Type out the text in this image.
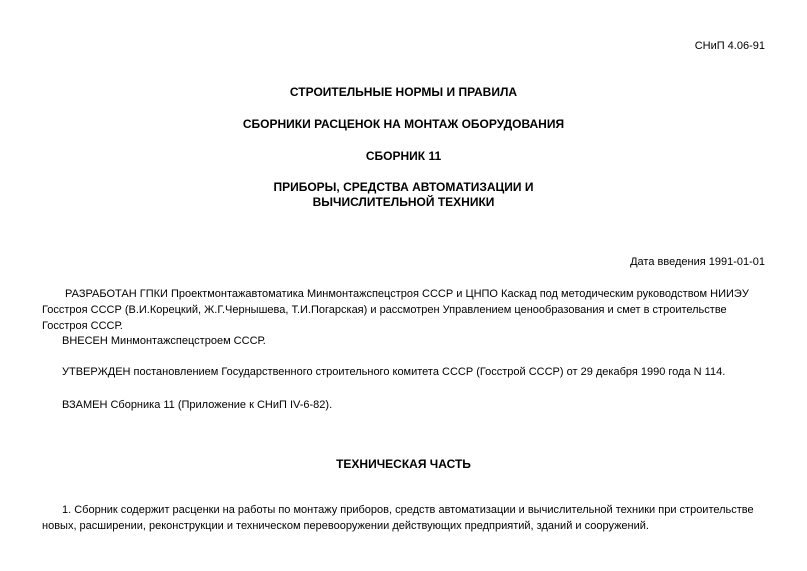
СНиП 4.06-91
СТРОИТЕЛЬНЫЕ НОРМЫ И ПРАВИЛА
СБОРНИКИ РАСЦЕНОК НА МОНТАЖ ОБОРУДОВАНИЯ
СБОРНИК 11
ПРИБОРЫ, СРЕДСТВА АВТОМАТИЗАЦИИ И
ВЫЧИСЛИТЕЛЬНОЙ ТЕХНИКИ
Дата введения 1991-01-01
РАЗРАБОТАН ГПКИ Проектмонтажавтоматика Минмонтажспецстроя СССР и ЦНПО Каскад под методическим руководством НИИЭУ
Госстроя СССР (В.И.Корецкий, Ж.Г.Чернышева, Т.И.Погарская) и рассмотрен Управлением ценообразования и смет в строительстве
Госстроя СССР.
ВНЕСЕН Минмонтажспецстроем СССР.
УТВЕРЖДЕН постановлением Государственного строительного комитета СССР (Госстрой СССР) от 29 декабря 1990 года N 114.
ВЗАМЕН Сборника 11 (Приложение к СНиП IV-6-82).
ТЕХНИЧЕСКАЯ ЧАСТЬ
1. Сборник содержит расценки на работы по монтажу приборов, средств автоматизации и вычислительной техники при строительстве
новых, расширении, реконструкции и техническом перевооружении действующих предприятий, зданий и сооружений.
